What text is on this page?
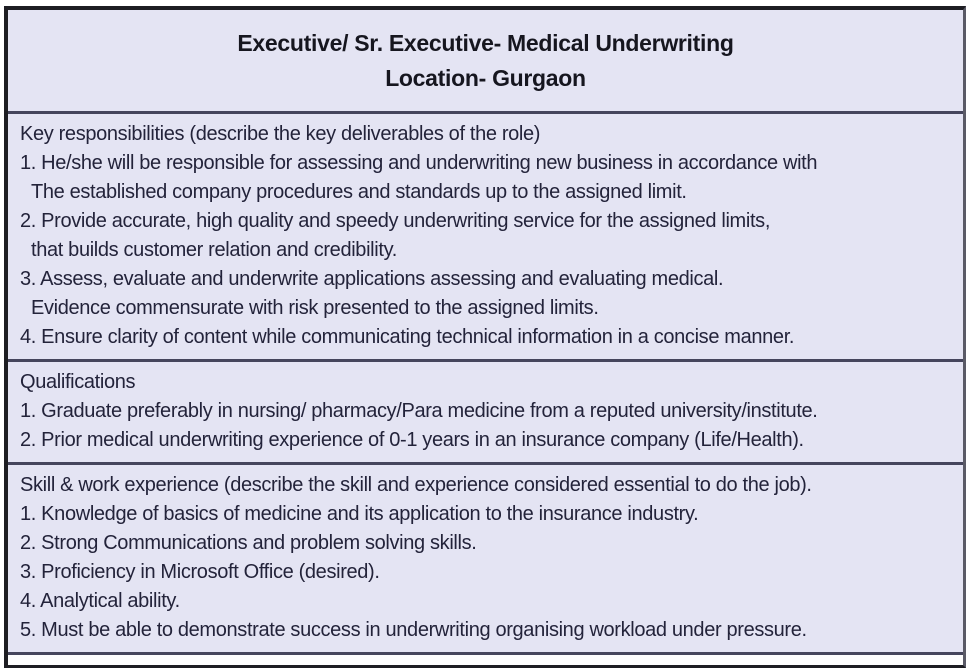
Executive/ Sr. Executive- Medical Underwriting
Location- Gurgaon
Key responsibilities (describe the key deliverables of the role)
1. He/she will be responsible for assessing and underwriting new business in accordance with
The established company procedures and standards up to the assigned limit.
2. Provide accurate, high quality and speedy underwriting service for the assigned limits,
that builds customer relation and credibility.
3. Assess, evaluate and underwrite applications assessing and evaluating medical.
Evidence commensurate with risk presented to the assigned limits.
4. Ensure clarity of content while communicating technical information in a concise manner.
Qualifications
1. Graduate preferably in nursing/ pharmacy/Para medicine from a reputed university/institute.
2. Prior medical underwriting experience of 0-1 years in an insurance company (Life/Health).
Skill & work experience (describe the skill and experience considered essential to do the job).
1. Knowledge of basics of medicine and its application to the insurance industry.
2. Strong Communications and problem solving skills.
3. Proficiency in Microsoft Office (desired).
4. Analytical ability.
5. Must be able to demonstrate success in underwriting organising workload under pressure.
